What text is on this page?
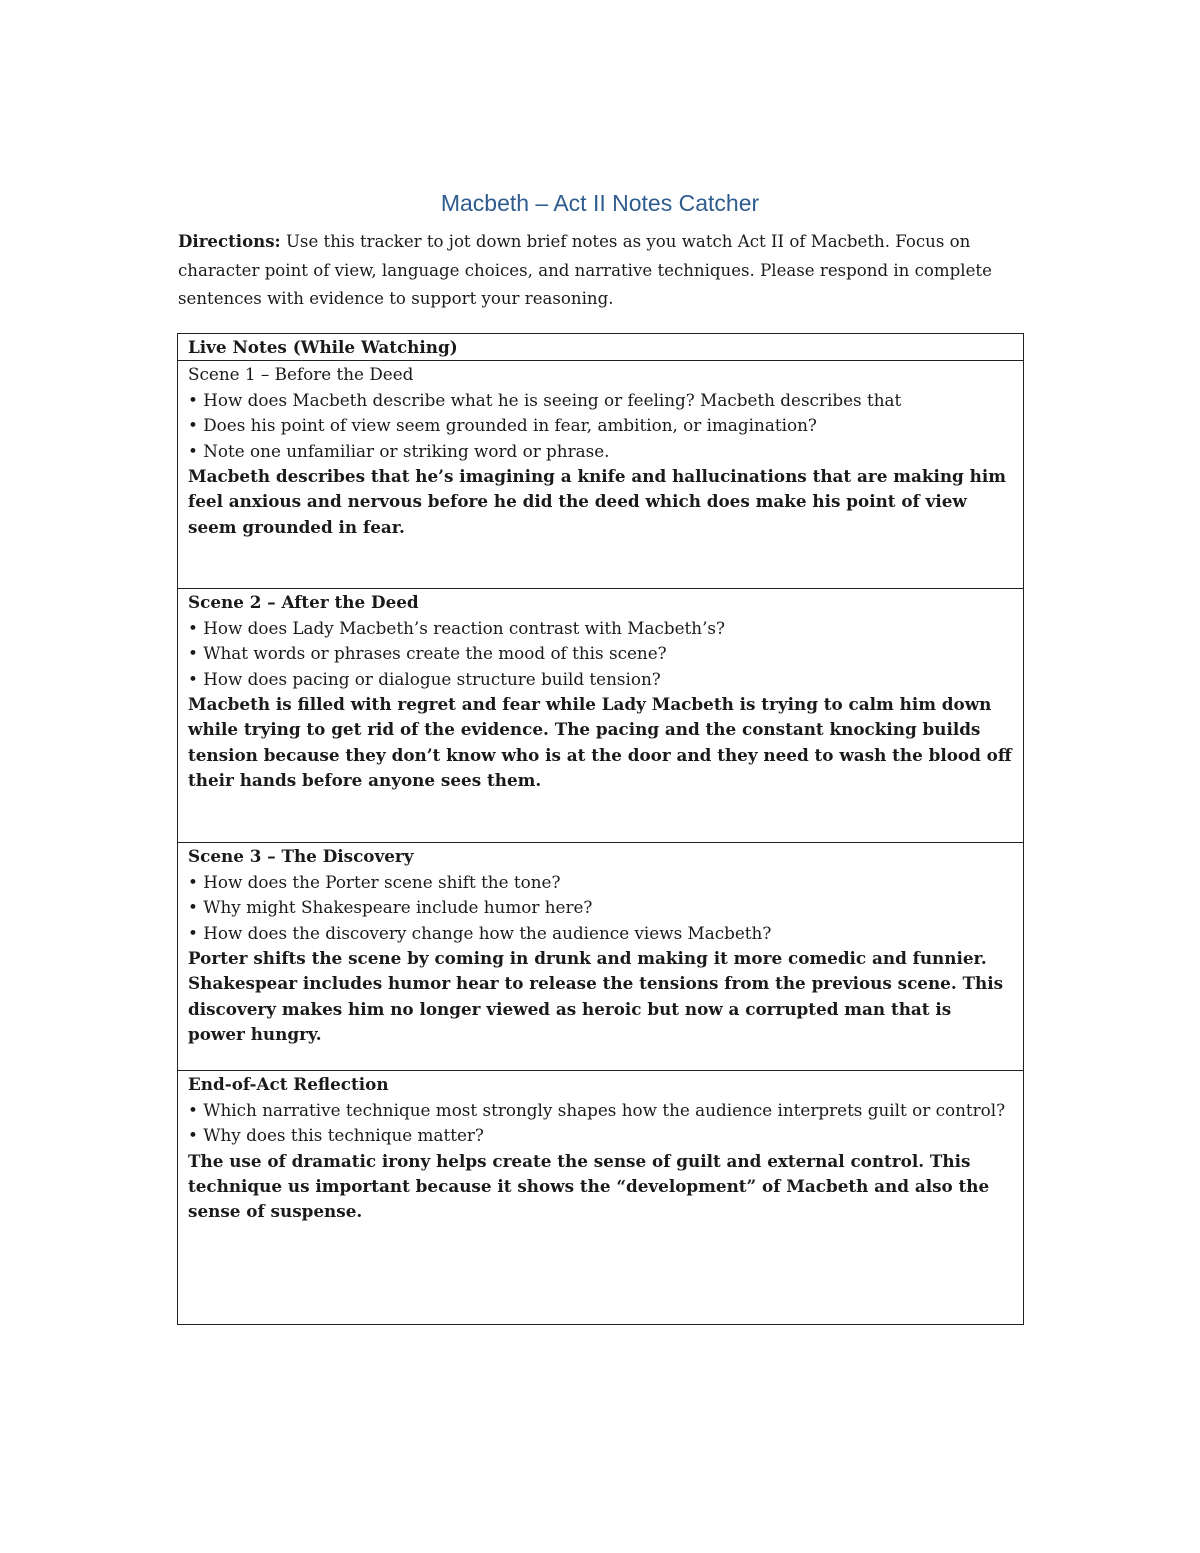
Macbeth – Act II Notes Catcher

Directions: Use this tracker to jot down brief notes as you watch Act II of Macbeth. Focus on character point of view, language choices, and narrative techniques. Please respond in complete sentences with evidence to support your reasoning.

Live Notes (While Watching)

Scene 1 – Before the Deed
• How does Macbeth describe what he is seeing or feeling? Macbeth describes that
• Does his point of view seem grounded in fear, ambition, or imagination?
• Note one unfamiliar or striking word or phrase.
Macbeth describes that he’s imagining a knife and hallucinations that are making him feel anxious and nervous before he did the deed which does make his point of view seem grounded in fear.

Scene 2 – After the Deed
• How does Lady Macbeth’s reaction contrast with Macbeth’s?
• What words or phrases create the mood of this scene?
• How does pacing or dialogue structure build tension?
Macbeth is filled with regret and fear while Lady Macbeth is trying to calm him down while trying to get rid of the evidence. The pacing and the constant knocking builds tension because they don’t know who is at the door and they need to wash the blood off their hands before anyone sees them.

Scene 3 – The Discovery
• How does the Porter scene shift the tone?
• Why might Shakespeare include humor here?
• How does the discovery change how the audience views Macbeth?
Porter shifts the scene by coming in drunk and making it more comedic and funnier. Shakespear includes humor hear to release the tensions from the previous scene. This discovery makes him no longer viewed as heroic but now a corrupted man that is power hungry.

End-of-Act Reflection
• Which narrative technique most strongly shapes how the audience interprets guilt or control?
• Why does this technique matter?
The use of dramatic irony helps create the sense of guilt and external control. This technique us important because it shows the “development” of Macbeth and also the sense of suspense.
